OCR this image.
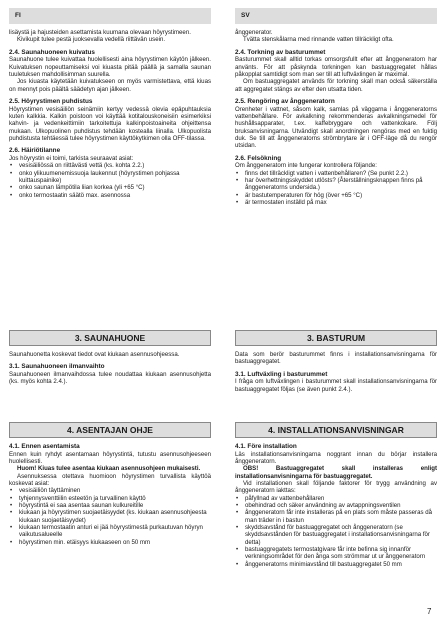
FI	SV

lisäystä ja hajusteiden asettamista kuumana olevaan höyrystimeen.

Kivikupit tulee pestä juoksevalla vedellä riittävän usein.

2.4. Saunahuoneen kuivatus

Saunahuone tulee kuivattaa huolellisesti aina höyrystimen käytön jälkeen. Kuivatuksen nopeuttamiseksi voi kiuasta pitää päällä ja samalla saunan tuuletuksen mahdollisimman suurella.

Jos kiuasta käytetään kuivatukseen on myös varmistettava, että kiuas on mennyt pois päältä säädetyn ajan jälkeen.

2.5. Höyrystimen puhdistus

Höyrystimen vesisäiliön seinämiin kertyy vedessä olevia epäpuhtauksia kuten kalkkia. Kalkin poistoon voi käyttää kotitalouskoneisiin esimerkiksi kahvin- ja vedenkeittimiin tarkoitettuja kalkinpoistoaineita ohjeittensa mukaan. Ulkopuolinen puhdistus tehdään kostealla liinalla. Ulkopuolista puhdistusta tehtäessä tulee höyrystimen käyttökytkimen olla OFF-tilassa.

2.6. Häiriötilanne

Jos höyrystin ei toimi, tarkista seuraavat asiat:

• vesisäiliössä on riittävästi vettä (ks. kohta 2.2.)
• onko ylikuumenemissuoja laukennut (höyrystimen pohjassa kuittauspainike)
• onko saunan lämpötila liian korkea (yli +65 °C)
• onko termostaatin säätö max. asennossa
3. SAUNAHUONE

Saunahuonetta koskevat tiedot ovat kiukaan asennusohjeessa.

3.1. Saunahuoneen ilmanvaihto

Saunahuoneen ilmanvaihdossa tulee noudattaa kiukaan asennusohjetta (ks. myös kohta 2.4.).

4. ASENTAJAN OHJE
4.1. Ennen asentamista

Ennen kuin ryhdyt asentamaan höyrystintä, tutustu asennusohjeeseen huolellisesti.

Huom! Kiuas tulee asentaa kiukaan asennusohjeen mukaisesti.

Asennuksessa otettava huomioon höyrystimen turvallista käyttöä koskevat asiat:

• vesisäiliön täyttäminen
• tyhjennysventtiilin esteetön ja turvallinen käyttö
• höyrystintä ei saa asentaa saunan kulkureitille
• kiukaan ja höyrystimen suojaetäisyydet (ks. kiukaan asennusohjeesta kiukaan suojaetäisyydet)
• kiukaan termostaatin anturi ei jää höyrystimestä purkautuvan höyryn vaikutusalueelle
• höyrystimen min. etäisyys kiukaaseen on 50 mm

ånggenerator.

Tvätta stenskålarna med rinnande vatten tillräckligt ofta.

2.4. Torkning av basturummet

Basturummet skall alltid torkas omsorgsfullt efter att ånggeneratorn har använts. För att påskynda torkningen kan bastuaggregatet hållas påkopplat samtidigt som man ser till att luftväxlingen är maximal.

Om bastuaggregatet används för torkning skall man också säkerställa att aggregatet stängs av efter den utsatta tiden.

2.5. Rengöring av ånggeneratorn

Orenheter i vattnet, såsom kalk, samlas på väggarna i ånggeneratorns vattenbehållare. För avkalkning rekommenderas avkalkningsmedel för hushållsapparater, t.ex. kaffebryggare och vattenkokare. Följ bruksanvisningarna. Utvändigt skall anordningen rengöras med en fuktig duk. Se till att ånggeneratorns strömbrytare är i OFF-läge då du rengör utsidan.

2.6. Felsökning

Om ånggeneratorn inte fungerar kontrollera följande:

• finns det tillräckligt vatten i vattenbehållaren? (Se punkt 2.2.)
• har överhettningsskyddet utlösts? (Återställningsknappen finns på ånggeneratorns undersida.)
• är bastutemperaturen för hög (över +65 °C)
• är termostaten inställd på max
3. BASTURUM

Data som berör basturummet finns i installationsanvisningarna för bastuaggregatet.

3.1. Luftväxling i basturummet

I fråga om luftväxlingen i basturummet skall installationsanvisningarna för bastuaggregatet följas (se även punkt 2.4.).

4. INSTALLATIONSANVISNINGAR
4.1. Före installation

Läs installationsanvisningarna noggrant innan du börjar installera ånggeneratorn.

OBS! Bastuaggregatet skall installeras enligt installationsanvisningarna för bastuaggregatet.

Vid installationen skall följande faktorer för trygg användning av ånggeneratorn iakttas:

• påfyllnad av vattenbehållaren
• obehindrad och säker användning av avtappningsventilen
• ånggeneratorn får inte installeras på en plats som måste passeras då man träder in i bastun
• skyddsavstånd för bastuaggregatet och ånggeneratorn (se skyddsavstånden för bastuaggregatet i installationsanvisningarna för detta)
• bastuaggregatets termostatgivare får inte befinna sig innanför verkningsområdet för den ånga som strömmar ut ur ånggeneratorn
• ånggeneratorns minimiavstånd till bastuaggregatet 50 mm
7
